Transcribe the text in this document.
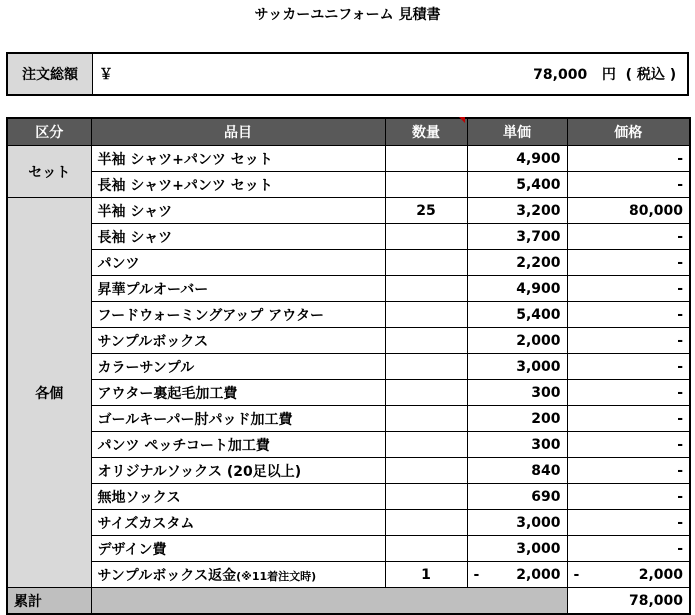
サッカーユニフォーム 見積書
注文総額	￥	78,000 円 ( 税込 )
区分	品目	数量	単価	価格
セット	半袖 シャツ+パンツ セット		4,900	-
	長袖 シャツ+パンツ セット		5,400	-
各個	半袖 シャツ	25	3,200	80,000
	長袖 シャツ		3,700	-
	パンツ		2,200	-
	昇華プルオーバー		4,900	-
	フードウォーミングアップ アウター		5,400	-
	サンプルボックス		2,000	-
	カラーサンプル		3,000	-
	アウター裏起毛加工費		300	-
	ゴールキーパー肘パッド加工費		200	-
	パンツ ペッチコート加工費		300	-
	オリジナルソックス (20足以上)		840	-
	無地ソックス		690	-
	サイズカスタム		3,000	-
	デザイン費		3,000	-
	サンプルボックス返金(※11着注文時)	1	- 2,000	- 2,000
累計				78,000
